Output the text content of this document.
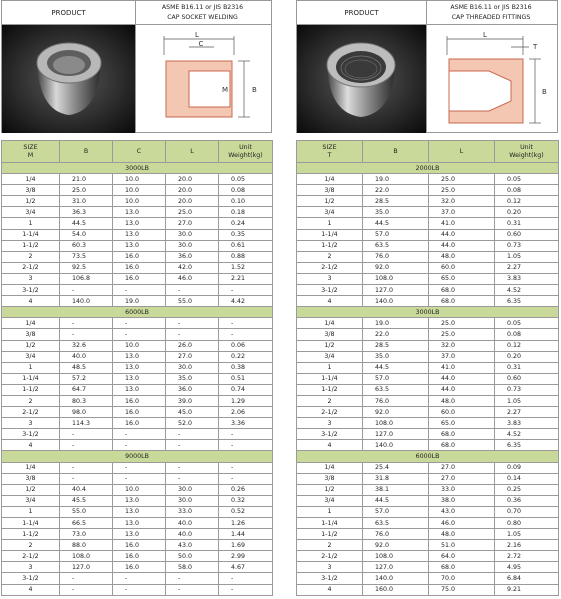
PRODUCT
ASME B16.11 or JIS B2316
CAP SOCKET WELDING
L
C
M	B
SIZE
M	B	C	L	Unit
Weight(kg)
3000LB				
1/4	21.0	10.0	20.0	0.05
3/8	25.0	10.0	20.0	0.08
1/2	31.0	10.0	20.0	0.10
3/4	36.3	13.0	25.0	0.18
1	44.5	13.0	27.0	0.24
1-1/4	54.0	13.0	30.0	0.35
1-1/2	60.3	13.0	30.0	0.61
2	73.5	16.0	36.0	0.88
2-1/2	92.5	16.0	42.0	1.52
3	106.8	16.0	46.0	2.21
3-1/2	-	-	-	-
4	140.0	19.0	55.0	4.42
6000LB				
1/4	-	-	-	-
3/8	-	-	-	-
1/2	32.6	10.0	26.0	0.06
3/4	40.0	13.0	27.0	0.22
1	48.5	13.0	30.0	0.38
1-1/4	57.2	13.0	35.0	0.51
1-1/2	64.7	13.0	36.0	0.74
2	80.3	16.0	39.0	1.29
2-1/2	98.0	16.0	45.0	2.06
3	114.3	16.0	52.0	3.36
3-1/2	-	-	-	-
4	-	-	-	-
9000LB				
1/4	-	-	-	-
3/8	-	-	-	-
1/2	40.4	10.0	30.0	0.26
3/4	45.5	13.0	30.0	0.32
1	55.0	13.0	33.0	0.52
1-1/4	66.5	13.0	40.0	1.26
1-1/2	73.0	13.0	40.0	1.44
2	88.0	16.0	43.0	1.69
2-1/2	108.0	16.0	50.0	2.99
3	127.0	16.0	58.0	4.67
3-1/2	-	-	-	-
4	-	-	-	-
PRODUCT
ASME B16.11 or JIS B2316
CAP THREADED FITTINGS
L
T
B
SIZE
T	B	L	Unit
Weight(kg)
2000LB			
1/4	19.0	25.0	0.05
3/8	22.0	25.0	0.08
1/2	28.5	32.0	0.12
3/4	35.0	37.0	0.20
1	44.5	41.0	0.31
1-1/4	57.0	44.0	0.60
1-1/2	63.5	44.0	0.73
2	76.0	48.0	1.05
2-1/2	92.0	60.0	2.27
3	108.0	65.0	3.83
3-1/2	127.0	68.0	4.52
4	140.0	68.0	6.35
3000LB			
1/4	19.0	25.0	0.05
3/8	22.0	25.0	0.08
1/2	28.5	32.0	0.12
3/4	35.0	37.0	0.20
1	44.5	41.0	0.31
1-1/4	57.0	44.0	0.60
1-1/2	63.5	44.0	0.73
2	76.0	48.0	1.05
2-1/2	92.0	60.0	2.27
3	108.0	65.0	3.83
3-1/2	127.0	68.0	4.52
4	140.0	68.0	6.35
6000LB			
1/4	25.4	27.0	0.09
3/8	31.8	27.0	0.14
1/2	38.1	33.0	0.25
3/4	44.5	38.0	0.36
1	57.0	43.0	0.70
1-1/4	63.5	46.0	0.80
1-1/2	76.0	48.0	1.05
2	92.0	51.0	2.16
2-1/2	108.0	64.0	2.72
3	127.0	68.0	4.95
3-1/2	140.0	70.0	6.84
4	160.0	75.0	9.21
